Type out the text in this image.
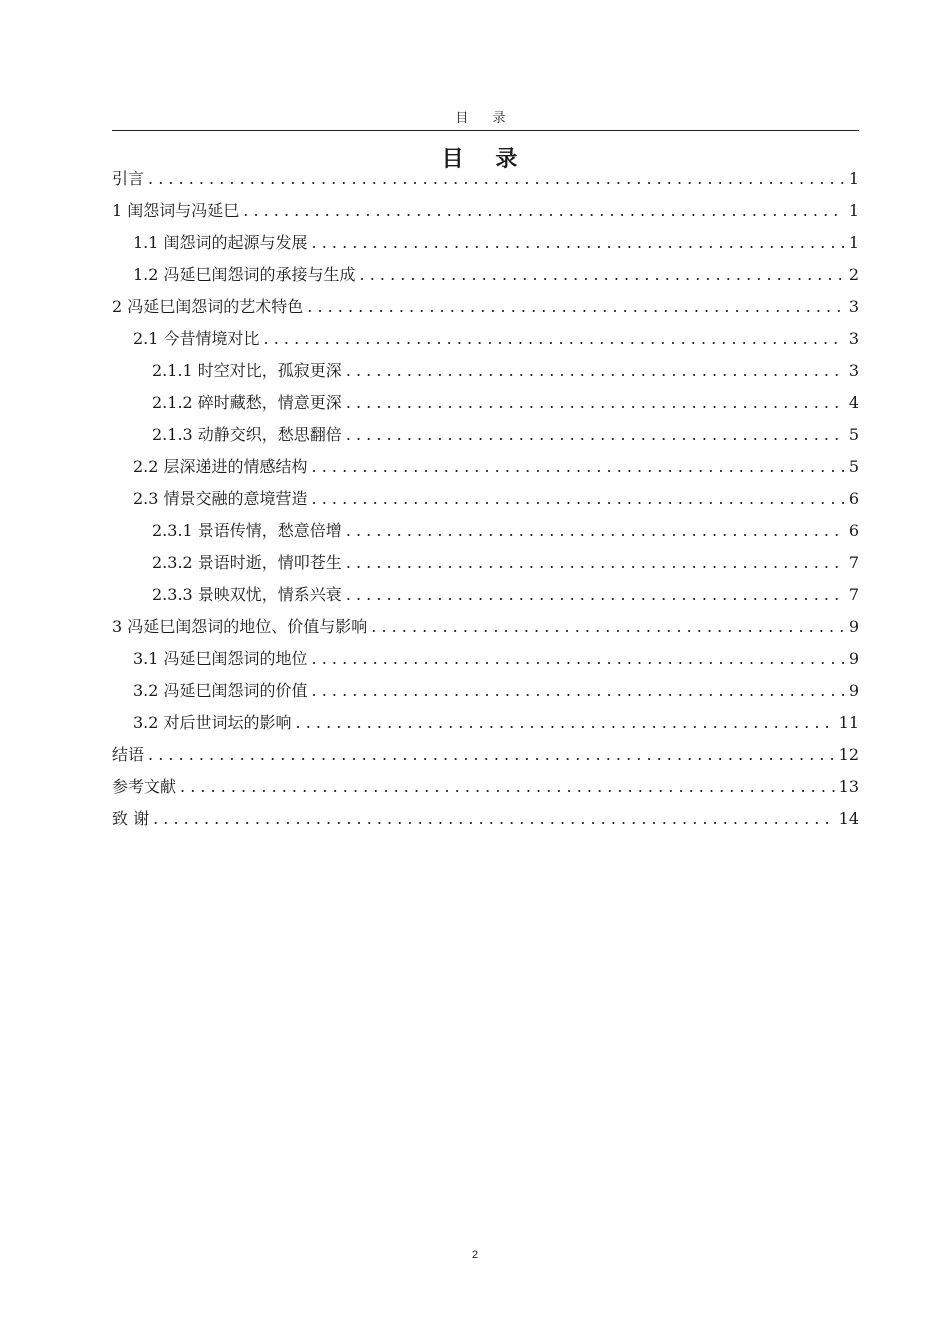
目 录
目 录
引言 . . .	1
1 闺怨词与冯延巳 . . .	1
1.1 闺怨词的起源与发展 . . .	1
1.2 冯延巳闺怨词的承接与生成 . . .	2
2 冯延巳闺怨词的艺术特色 . . .	3
2.1 今昔情境对比 . . .	3
2.1.1 时空对比，孤寂更深 . . .	3
2.1.2 碎时藏愁，情意更深 . . .	4
2.1.3 动静交织，愁思翻倍 . . .	5
2.2 层深递进的情感结构 . . .	5
2.3 情景交融的意境营造 . . .	6
2.3.1 景语传情，愁意倍增 . . .	6
2.3.2 景语时逝，情叩苍生 . . .	7
2.3.3 景映双忧，情系兴衰 . . .	7
3 冯延巳闺怨词的地位、价值与影响 . . .	9
3.1 冯延巳闺怨词的地位 . . .	9
3.2 冯延巳闺怨词的价值 . . .	9
3.2 对后世词坛的影响 . . .	11
结语 . . .	12
参考文献 . . .	13
致 谢 . . .	14
2
